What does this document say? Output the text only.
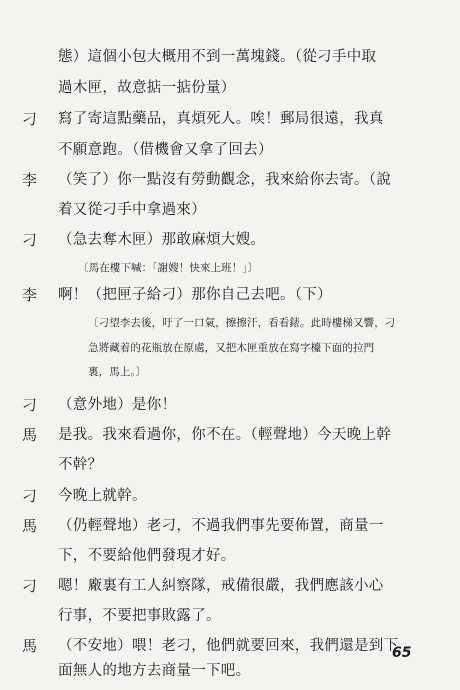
態）這個小包大概用不到一萬塊錢。（從刁手中取
過木匣，故意掂一掂份量）
刁 寫了寄這點藥品，真煩死人。唉！郵局很遠，我真
不願意跑。（借機會又拿了回去）
李 （笑了）你一點沒有勞動觀念，我來給你去寄。（說
着又從刁手中拿過來）
刁 （急去奪木匣）那敢麻煩大嫂。
〔馬在樓下喊：「謝嫂！快來上班！」〕
李 啊！（把匣子給刁）那你自己去吧。（下）
〔刁望李去後，吁了一口氣，擦擦汗，看看錶。此時樓梯又響，刁
急將藏着的花瓶放在原處，又把木匣重放在寫字檯下面的拉門
裏，馬上。〕
刁 （意外地）是你！
馬 是我。我來看過你，你不在。（輕聲地）今天晚上幹
不幹？
刁 今晚上就幹。
馬 （仍輕聲地）老刁，不過我們事先要佈置，商量一
下，不要給他們發現才好。
刁 嗯！廠裏有工人糾察隊，戒備很嚴，我們應該小心
行事，不要把事敗露了。
馬 （不安地）喂！老刁，他們就要回來，我們還是到下
面無人的地方去商量一下吧。
65
